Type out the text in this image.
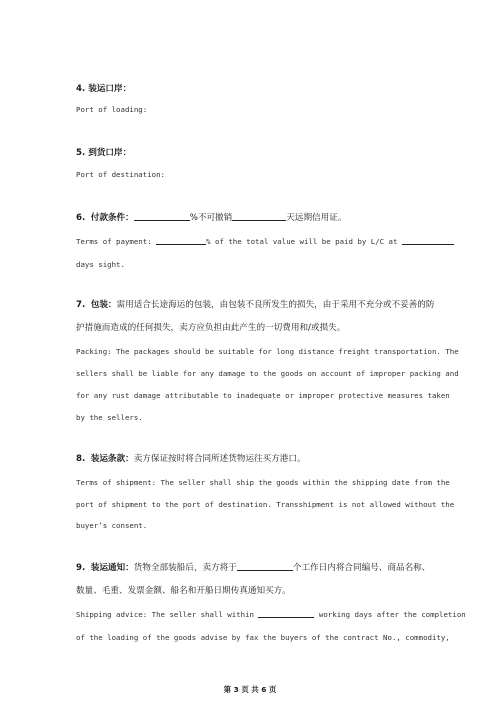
4. 装运口岸：
Port of loading:
5. 到货口岸：
Port of destination:
6. 付款条件：	%不可撤销	天远期信用证。
Terms of payment:	% of the total value will be paid by L/C at
days sight.
7. 包装：需用适合长途海运的包装，由包装不良所发生的损失，由于采用不充分或不妥善的防
护措施而造成的任何损失，卖方应负担由此产生的一切费用和/或损失。
Packing: The packages should be suitable for long distance freight transportation. The
sellers shall be liable for any damage to the goods on account of improper packing and
for any rust damage attributable to inadequate or improper protective measures taken
by the sellers.
8. 装运条款：卖方保证按时将合同所述货物运往买方港口。
Terms of shipment: The seller shall ship the goods within the shipping date from the
port of shipment to the port of destination. Transshipment is not allowed without the
buyer’s consent.
9. 装运通知：货物全部装船后，卖方将于	个工作日内将合同编号、商品名称、
数量、毛重、发票金额、船名和开船日期传真通知买方。
Shipping advice: The seller shall within	working days after the completion
of the loading of the goods advise by fax the buyers of the contract No., commodity,
第 3 页 共 6 页
